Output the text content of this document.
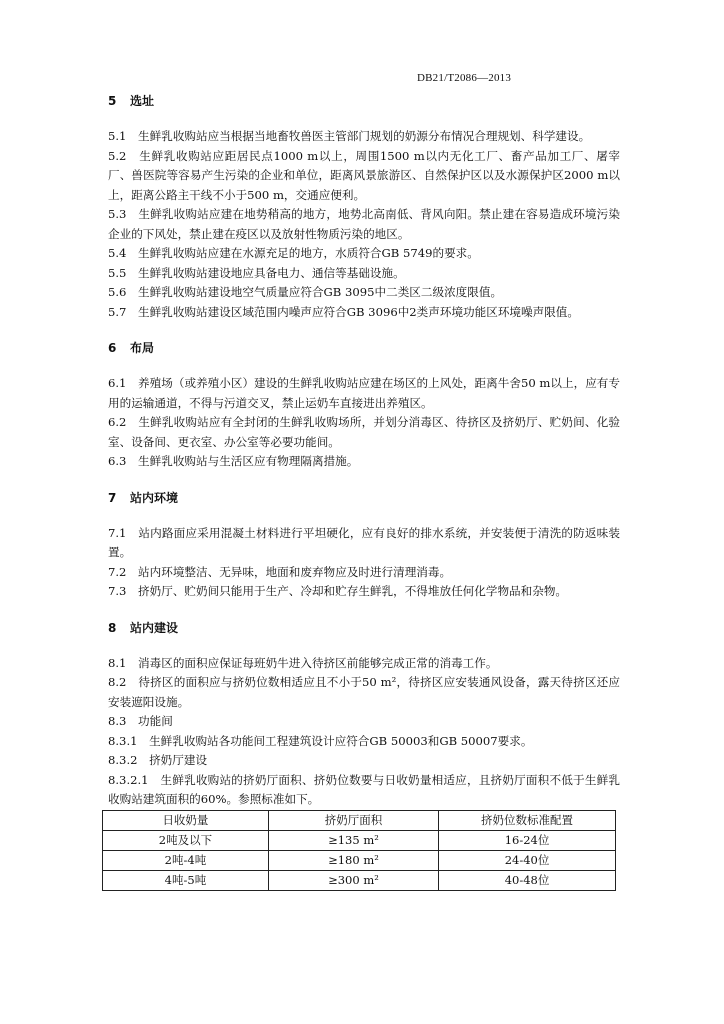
DB21/T2086—2013
5 选址

5.1　生鲜乳收购站应当根据当地畜牧兽医主管部门规划的奶源分布情况合理规划、科学建设。

5.2　生鲜乳收购站应距居民点1000 m以上，周围1500 m以内无化工厂、畜产品加工厂、屠宰厂、兽医院等容易产生污染的企业和单位，距离风景旅游区、自然保护区以及水源保护区2000 m以上，距离公路主干线不小于500 m，交通应便利。

5.3　生鲜乳收购站应建在地势稍高的地方，地势北高南低、背风向阳。禁止建在容易造成环境污染企业的下风处，禁止建在疫区以及放射性物质污染的地区。

5.4　生鲜乳收购站应建在水源充足的地方，水质符合GB 5749的要求。

5.5　生鲜乳收购站建设地应具备电力、通信等基础设施。

5.6　生鲜乳收购站建设地空气质量应符合GB 3095中二类区二级浓度限值。

5.7　生鲜乳收购站建设区域范围内噪声应符合GB 3096中2类声环境功能区环境噪声限值。

6 布局

6.1　养殖场（或养殖小区）建设的生鲜乳收购站应建在场区的上风处，距离牛舍50 m以上，应有专用的运输通道，不得与污道交叉，禁止运奶车直接进出养殖区。

6.2　生鲜乳收购站应有全封闭的生鲜乳收购场所，并划分消毒区、待挤区及挤奶厅、贮奶间、化验室、设备间、更衣室、办公室等必要功能间。

6.3　生鲜乳收购站与生活区应有物理隔离措施。

7 站内环境

7.1　站内路面应采用混凝土材料进行平坦硬化，应有良好的排水系统，并安装便于清洗的防返味装置。

7.2　站内环境整洁、无异味，地面和废弃物应及时进行清理消毒。

7.3　挤奶厅、贮奶间只能用于生产、冷却和贮存生鲜乳，不得堆放任何化学物品和杂物。

8 站内建设

8.1　消毒区的面积应保证每班奶牛进入待挤区前能够完成正常的消毒工作。

8.2　待挤区的面积应与挤奶位数相适应且不小于50 m²，待挤区应安装通风设备，露天待挤区还应安装遮阳设施。

8.3　功能间

8.3.1　生鲜乳收购站各功能间工程建筑设计应符合GB 50003和GB 50007要求。

8.3.2　挤奶厅建设

8.3.2.1　生鲜乳收购站的挤奶厅面积、挤奶位数要与日收奶量相适应，且挤奶厅面积不低于生鲜乳收购站建筑面积的60%。参照标准如下。

日收奶量	挤奶厅面积	挤奶位数标准配置
2吨及以下	≥135 m²	16-24位
2吨-4吨	≥180 m²	24-40位
4吨-5吨	≥300 m²	40-48位
